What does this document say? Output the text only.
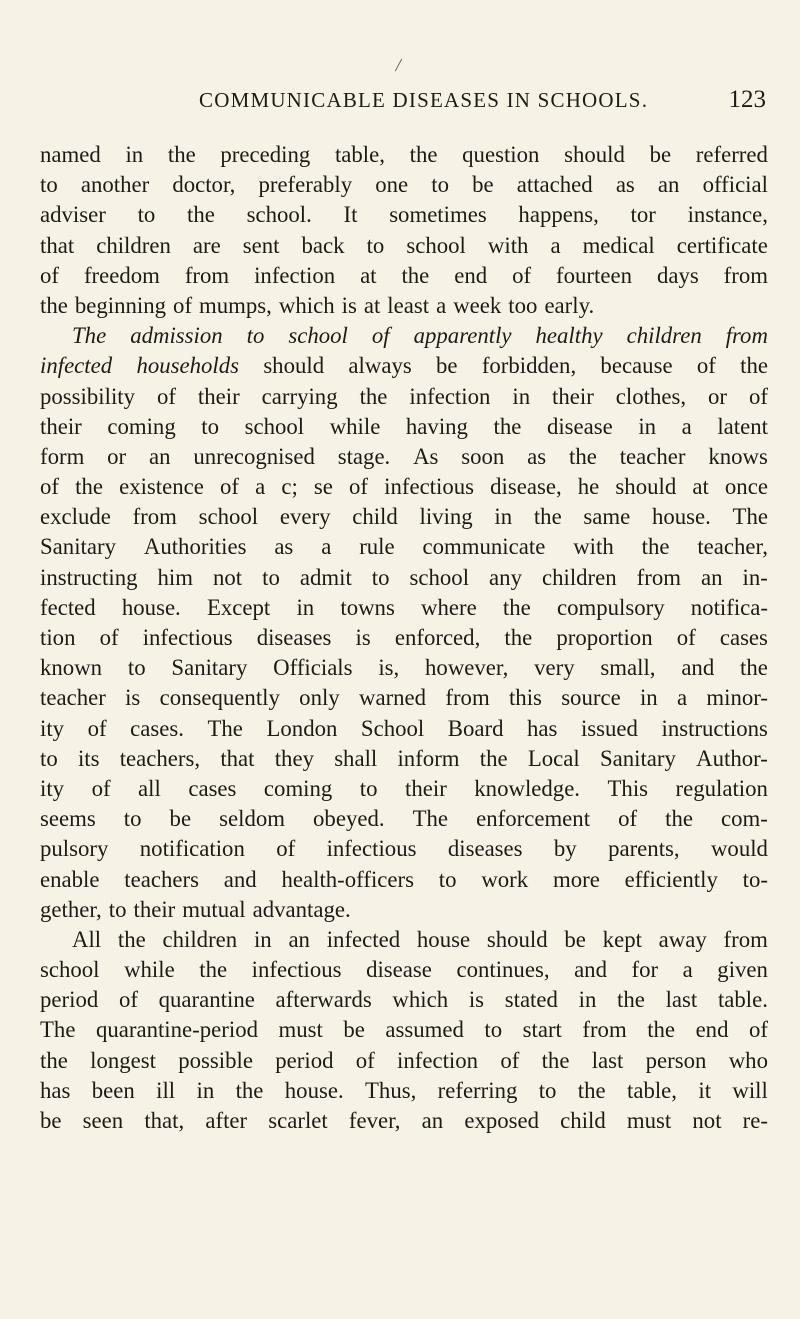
COMMUNICABLE DISEASES IN SCHOOLS.	123
named in the preceding table, the question should be referred
to another doctor, preferably one to be attached as an official
adviser to the school. It sometimes happens, tor instance,
that children are sent back to school with a medical certificate
of freedom from infection at the end of fourteen days from
the beginning of mumps, which is at least a week too early.
The admission to school of apparently healthy children from
infected households should always be forbidden, because of the
possibility of their carrying the infection in their clothes, or of
their coming to school while having the disease in a latent
form or an unrecognised stage. As soon as the teacher knows
of the existence of a c; se of infectious disease, he should at once
exclude from school every child living in the same house. The
Sanitary Authorities as a rule communicate with the teacher,
instructing him not to admit to school any children from an in-
fected house. Except in towns where the compulsory notifica-
tion of infectious diseases is enforced, the proportion of cases
known to Sanitary Officials is, however, very small, and the
teacher is consequently only warned from this source in a minor-
ity of cases. The London School Board has issued instructions
to its teachers, that they shall inform the Local Sanitary Author-
ity of all cases coming to their knowledge. This regulation
seems to be seldom obeyed. The enforcement of the com-
pulsory notification of infectious diseases by parents, would
enable teachers and health-officers to work more efficiently to-
gether, to their mutual advantage.
All the children in an infected house should be kept away from
school while the infectious disease continues, and for a given
period of quarantine afterwards which is stated in the last table.
The quarantine-period must be assumed to start from the end of
the longest possible period of infection of the last person who
has been ill in the house. Thus, referring to the table, it will
be seen that, after scarlet fever, an exposed child must not re-
